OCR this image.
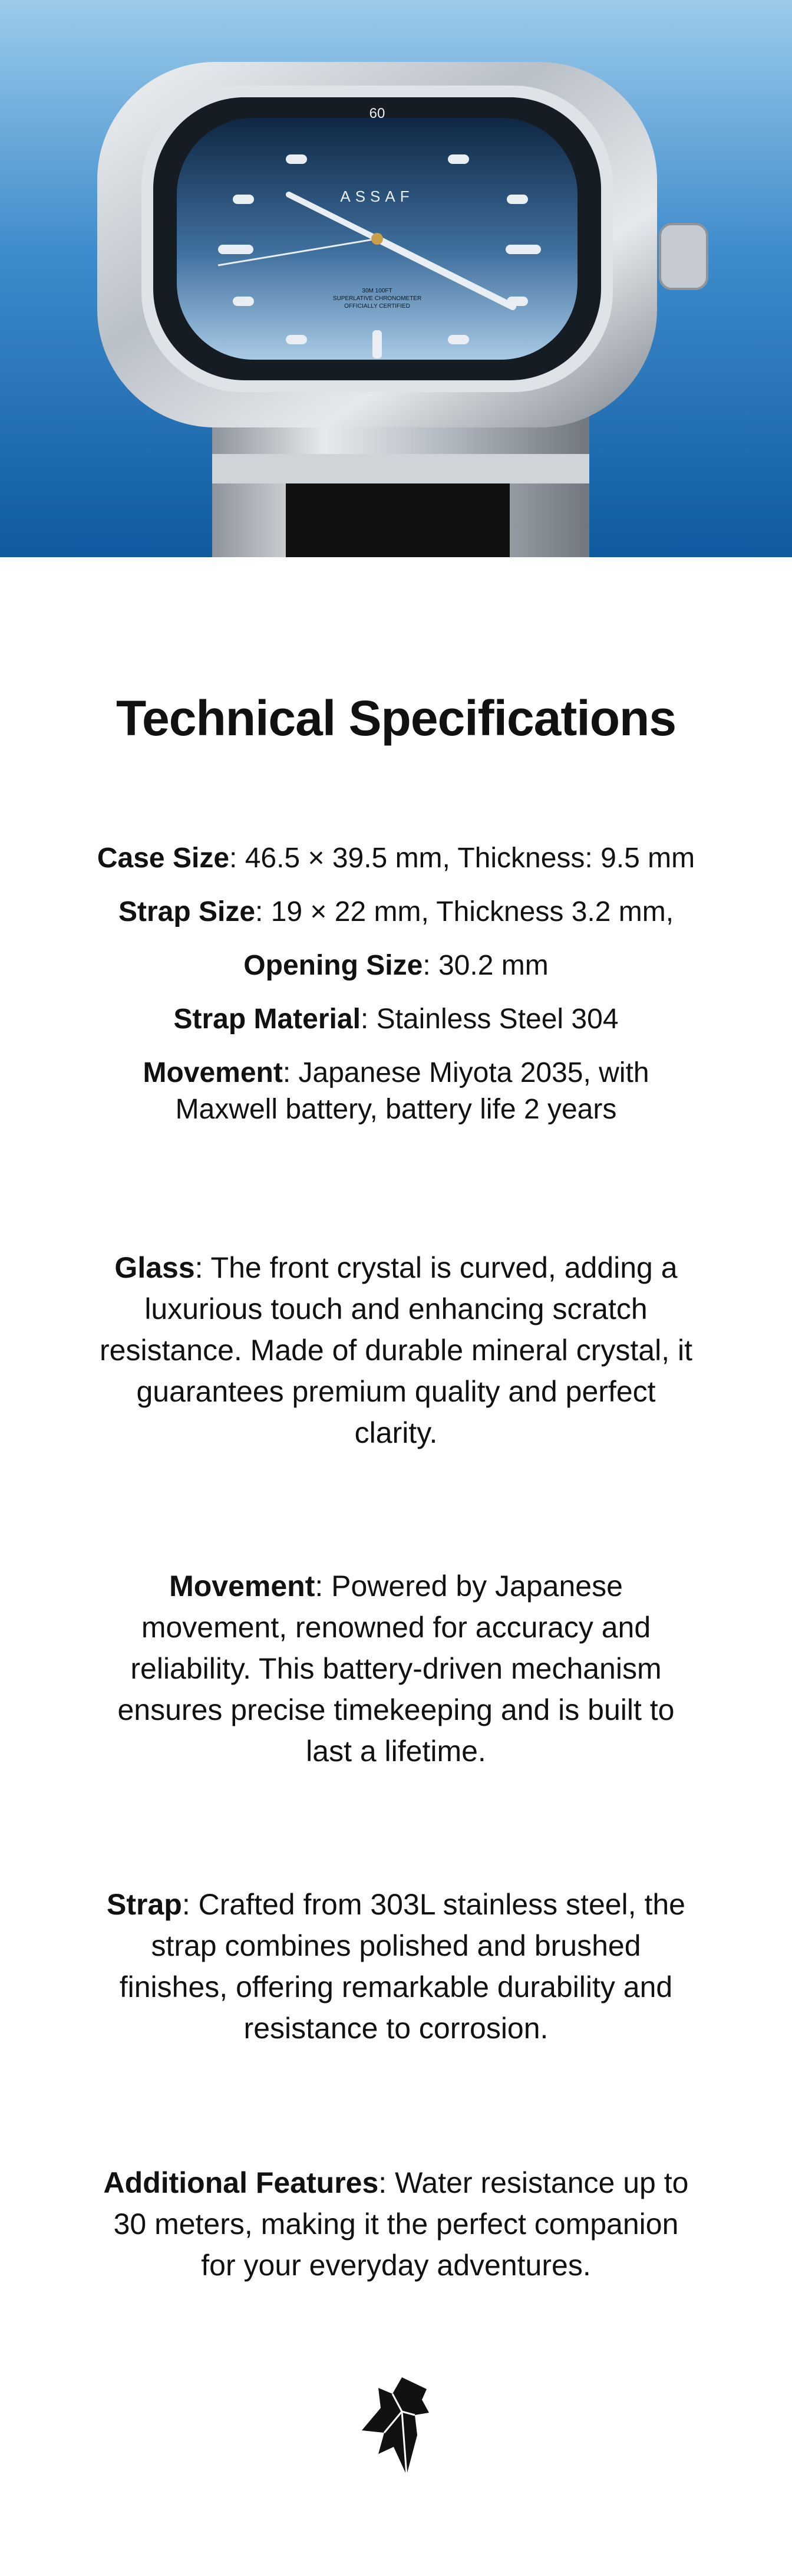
60
ASSAF
30M 100FT
SUPERLATIVE CHRONOMETER
OFFICIALLY CERTIFIED
Technical Specifications
Case Size: 46.5 × 39.5 mm, Thickness: 9.5 mm
Strap Size: 19 × 22 mm, Thickness 3.2 mm,
Opening Size: 30.2 mm
Strap Material: Stainless Steel 304
Movement: Japanese Miyota 2035, with Maxwell battery, battery life 2 years
Glass: The front crystal is curved, adding a luxurious touch and enhancing scratch resistance. Made of durable mineral crystal, it guarantees premium quality and perfect clarity.
Movement: Powered by Japanese movement, renowned for accuracy and reliability. This battery-driven mechanism ensures precise timekeeping and is built to last a lifetime.
Strap: Crafted from 303L stainless steel, the strap combines polished and brushed finishes, offering remarkable durability and resistance to corrosion.
Additional Features: Water resistance up to 30 meters, making it the perfect companion for your everyday adventures.
